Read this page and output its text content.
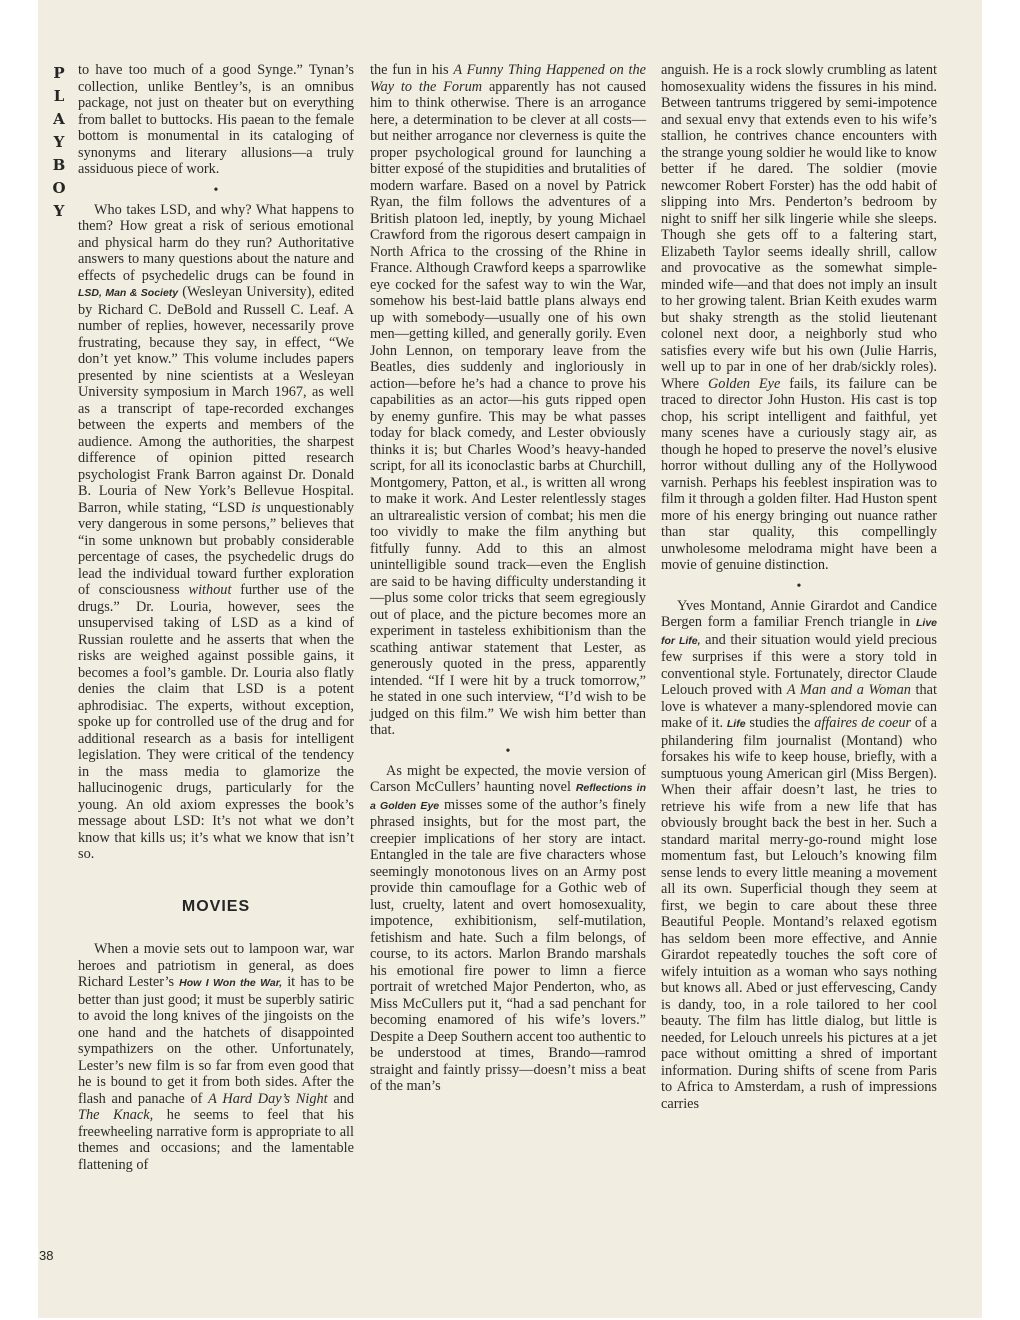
P
L
A
Y
B
O
Y
38

to have too much of a good Synge.” Tynan’s collection, unlike Bentley’s, is an omnibus package, not just on theater but on everything from ballet to buttocks. His paean to the female bottom is monumental in its cataloging of synonyms and literary allusions—a truly assiduous piece of work.

•

Who takes LSD, and why? What happens to them? How great a risk of serious emotional and physical harm do they run? Authoritative answers to many questions about the nature and effects of psychedelic drugs can be found in LSD, Man & Society (Wesleyan University), edited by Richard C. DeBold and Russell C. Leaf. A number of replies, however, necessarily prove frustrating, because they say, in effect, “We don’t yet know.” This volume includes papers presented by nine scientists at a Wesleyan University symposium in March 1967, as well as a transcript of tape-recorded exchanges between the experts and members of the audience. Among the authorities, the sharpest difference of opinion pitted research psychologist Frank Barron against Dr. Donald B. Louria of New York’s Bellevue Hospital. Barron, while stating, “LSD is unquestionably very dangerous in some persons,” believes that “in some unknown but probably considerable percentage of cases, the psychedelic drugs do lead the individual toward further exploration of consciousness without further use of the drugs.” Dr. Louria, however, sees the unsupervised taking of LSD as a kind of Russian roulette and he asserts that when the risks are weighed against possible gains, it becomes a fool’s gamble. Dr. Louria also flatly denies the claim that LSD is a potent aphrodisiac. The experts, without exception, spoke up for controlled use of the drug and for additional research as a basis for intelligent legislation. They were critical of the tendency in the mass media to glamorize the hallucinogenic drugs, particularly for the young. An old axiom expresses the book’s message about LSD: It’s not what we don’t know that kills us; it’s what we know that isn’t so.

MOVIES

When a movie sets out to lampoon war, war heroes and patriotism in general, as does Richard Lester’s How I Won the War, it has to be better than just good; it must be superbly satiric to avoid the long knives of the jingoists on the one hand and the hatchets of disappointed sympathizers on the other. Unfortunately, Lester’s new film is so far from even good that he is bound to get it from both sides. After the flash and panache of A Hard Day’s Night and The Knack, he seems to feel that his freewheeling narrative form is appropriate to all themes and occasions; and the lamentable flattening of

the fun in his A Funny Thing Happened on the Way to the Forum apparently has not caused him to think otherwise. There is an arrogance here, a determination to be clever at all costs—but neither arrogance nor cleverness is quite the proper psychological ground for launching a bitter exposé of the stupidities and brutalities of modern warfare. Based on a novel by Patrick Ryan, the film follows the adventures of a British platoon led, ineptly, by young Michael Crawford from the rigorous desert campaign in North Africa to the crossing of the Rhine in France. Although Crawford keeps a sparrowlike eye cocked for the safest way to win the War, somehow his best-laid battle plans always end up with somebody—usually one of his own men—getting killed, and generally gorily. Even John Lennon, on temporary leave from the Beatles, dies suddenly and ingloriously in action—before he’s had a chance to prove his capabilities as an actor—his guts ripped open by enemy gunfire. This may be what passes today for black comedy, and Lester obviously thinks it is; but Charles Wood’s heavy-handed script, for all its iconoclastic barbs at Churchill, Montgomery, Patton, et al., is written all wrong to make it work. And Lester relentlessly stages an ultrarealistic version of combat; his men die too vividly to make the film anything but fitfully funny. Add to this an almost unintelligible sound track—even the English are said to be having difficulty understanding it—plus some color tricks that seem egregiously out of place, and the picture becomes more an experiment in tasteless exhibitionism than the scathing antiwar statement that Lester, as generously quoted in the press, apparently intended. “If I were hit by a truck tomorrow,” he stated in one such interview, “I’d wish to be judged on this film.” We wish him better than that.

•

As might be expected, the movie version of Carson McCullers’ haunting novel Reflections in a Golden Eye misses some of the author’s finely phrased insights, but for the most part, the creepier implications of her story are intact. Entangled in the tale are five characters whose seemingly monotonous lives on an Army post provide thin camouflage for a Gothic web of lust, cruelty, latent and overt homosexuality, impotence, exhibitionism, self-mutilation, fetishism and hate. Such a film belongs, of course, to its actors. Marlon Brando marshals his emotional fire power to limn a fierce portrait of wretched Major Penderton, who, as Miss McCullers put it, “had a sad penchant for becoming enamored of his wife’s lovers.” Despite a Deep Southern accent too authentic to be understood at times, Brando—ramrod straight and faintly prissy—doesn’t miss a beat of the man’s

anguish. He is a rock slowly crumbling as latent homosexuality widens the fissures in his mind. Between tantrums triggered by semi-impotence and sexual envy that extends even to his wife’s stallion, he contrives chance encounters with the strange young soldier he would like to know better if he dared. The soldier (movie newcomer Robert Forster) has the odd habit of slipping into Mrs. Penderton’s bedroom by night to sniff her silk lingerie while she sleeps. Though she gets off to a faltering start, Elizabeth Taylor seems ideally shrill, callow and provocative as the somewhat simple-minded wife—and that does not imply an insult to her growing talent. Brian Keith exudes warm but shaky strength as the stolid lieutenant colonel next door, a neighborly stud who satisfies every wife but his own (Julie Harris, well up to par in one of her drab/sickly roles). Where Golden Eye fails, its failure can be traced to director John Huston. His cast is top chop, his script intelligent and faithful, yet many scenes have a curiously stagy air, as though he hoped to preserve the novel’s elusive horror without dulling any of the Hollywood varnish. Perhaps his feeblest inspiration was to film it through a golden filter. Had Huston spent more of his energy bringing out nuance rather than star quality, this compellingly unwholesome melodrama might have been a movie of genuine distinction.

•

Yves Montand, Annie Girardot and Candice Bergen form a familiar French triangle in Live for Life, and their situation would yield precious few surprises if this were a story told in conventional style. Fortunately, director Claude Lelouch proved with A Man and a Woman that love is whatever a many-splendored movie can make of it. Life studies the affaires de coeur of a philandering film journalist (Montand) who forsakes his wife to keep house, briefly, with a sumptuous young American girl (Miss Bergen). When their affair doesn’t last, he tries to retrieve his wife from a new life that has obviously brought back the best in her. Such a standard marital merry-go-round might lose momentum fast, but Lelouch’s knowing film sense lends to every little meaning a movement all its own. Superficial though they seem at first, we begin to care about these three Beautiful People. Montand’s relaxed egotism has seldom been more effective, and Annie Girardot repeatedly touches the soft core of wifely intuition as a woman who says nothing but knows all. Abed or just effervescing, Candy is dandy, too, in a role tailored to her cool beauty. The film has little dialog, but little is needed, for Lelouch unreels his pictures at a jet pace without omitting a shred of important information. During shifts of scene from Paris to Africa to Amsterdam, a rush of impressions carries
